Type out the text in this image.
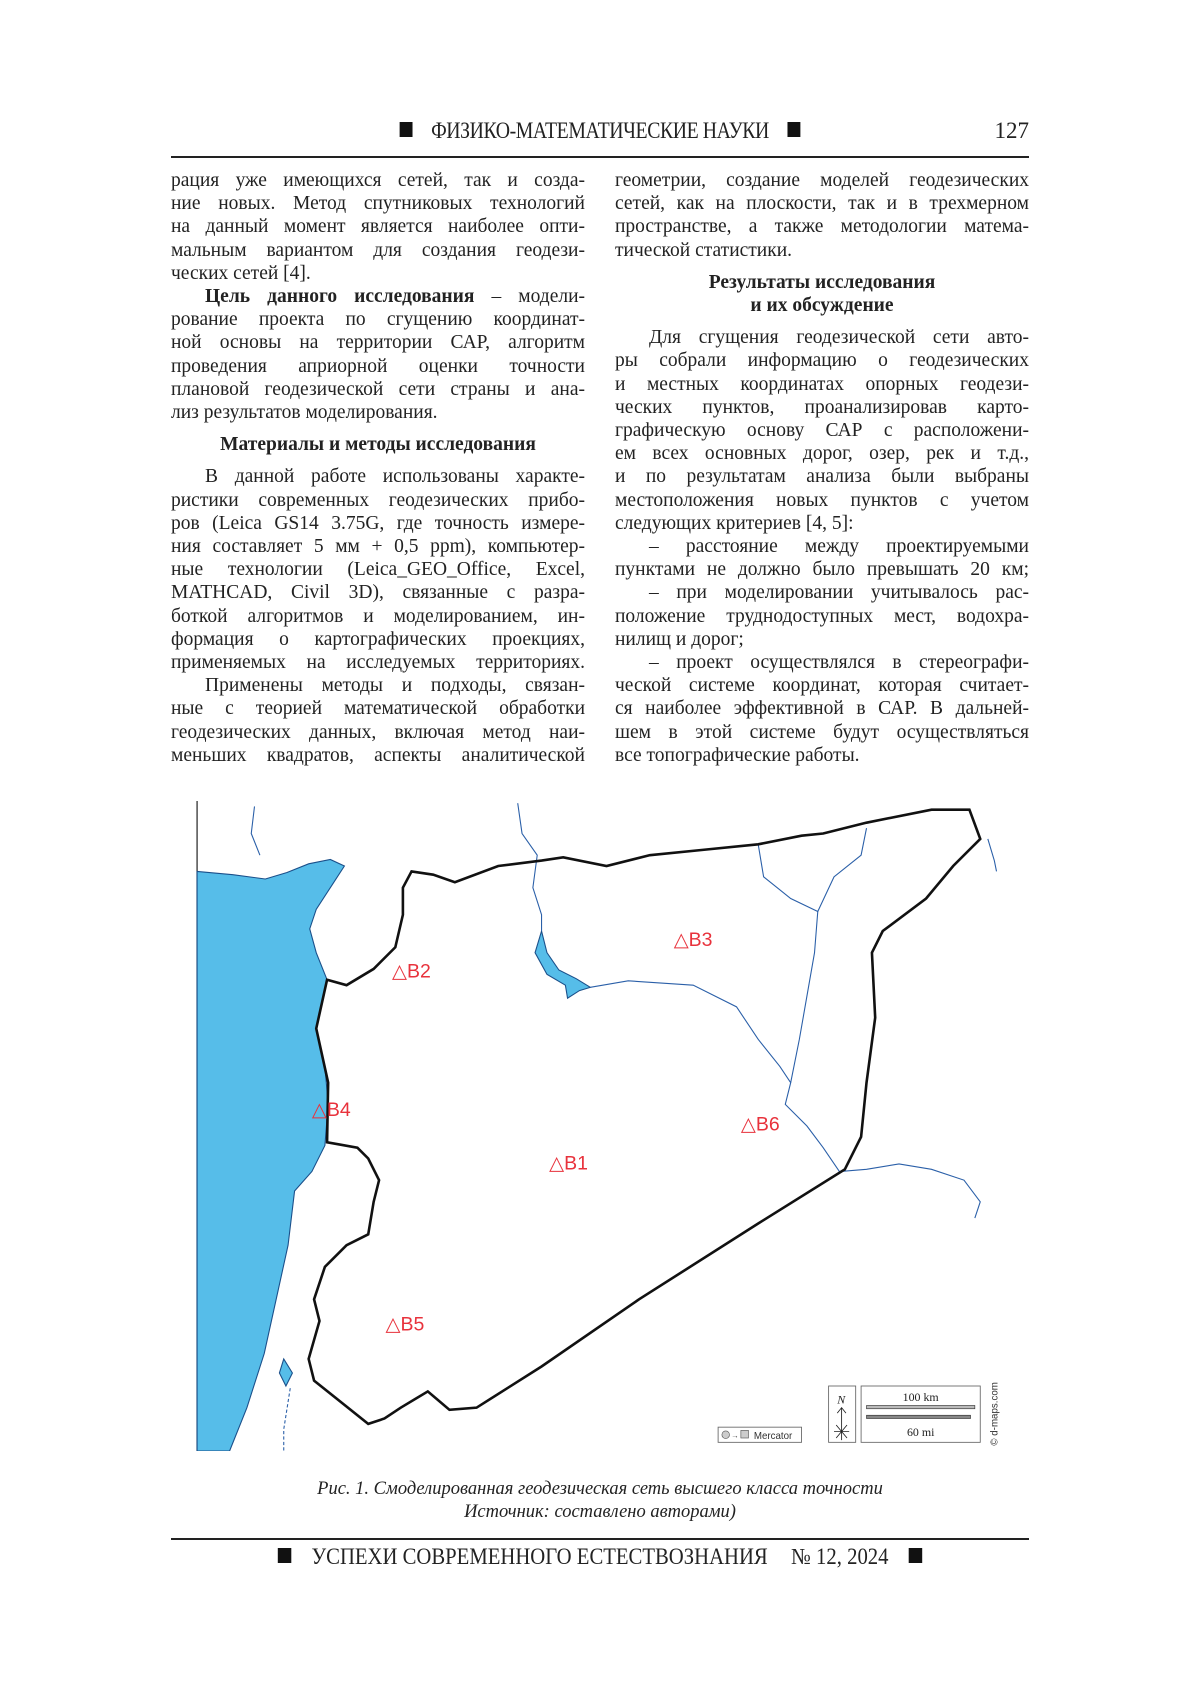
ФИЗИКО-МАТЕМАТИЧЕСКИЕ НАУКИ	127
рация уже имеющихся сетей, так и созда-
ние новых. Метод спутниковых технологий
на данный момент является наиболее опти-
мальным вариантом для создания геодези-
ческих сетей [4].
Цель данного исследования – модели-
рование проекта по сгущению координат-
ной основы на территории САР, алгоритм
проведения априорной оценки точности
плановой геодезической сети страны и ана-
лиз результатов моделирования.
Материалы и методы исследования
В данной работе использованы характе-
ристики современных геодезических прибо-
ров (Leica GS14 3.75G, где точность измере-
ния составляет 5 мм + 0,5 ppm), компьютер-
ные технологии (Leica_GEO_Office, Excel,
MATHCAD, Civil 3D), связанные с разра-
боткой алгоритмов и моделированием, ин-
формация о картографических проекциях,
применяемых на исследуемых территориях.
Применены методы и подходы, связан-
ные с теорией математической обработки
геодезических данных, включая метод наи-
меньших квадратов, аспекты аналитической
геометрии, создание моделей геодезических
сетей, как на плоскости, так и в трехмерном
пространстве, а также методологии матема-
тической статистики.
Результаты исследования
и их обсуждение
Для сгущения геодезической сети авто-
ры собрали информацию о геодезических
и местных координатах опорных геодези-
ческих пунктов, проанализировав карто-
графическую основу САР с расположени-
ем всех основных дорог, озер, рек и т.д.,
и по результатам анализа были выбраны
местоположения новых пунктов с учетом
следующих критериев [4, 5]:
– расстояние между проектируемыми
пунктами не должно было превышать 20 км;
– при моделировании учитывалось рас-
положение труднодоступных мест, водохра-
нилищ и дорог;
– проект осуществлялся в стереографи-
ческой системе координат, которая считает-
ся наиболее эффективной в САР. В дальней-
шем в этой системе будут осуществляться
все топографические работы.
△B1
△B2
△B3
△B4
△B5
△B6
→ Mercator
N	100 km
60 mi	© d-maps.com
Рис. 1. Смоделированная геодезическая сеть высшего класса точности
Источник: составлено авторами)
УСПЕХИ СОВРЕМЕННОГО ЕСТЕСТВОЗНАНИЯ № 12, 2024
